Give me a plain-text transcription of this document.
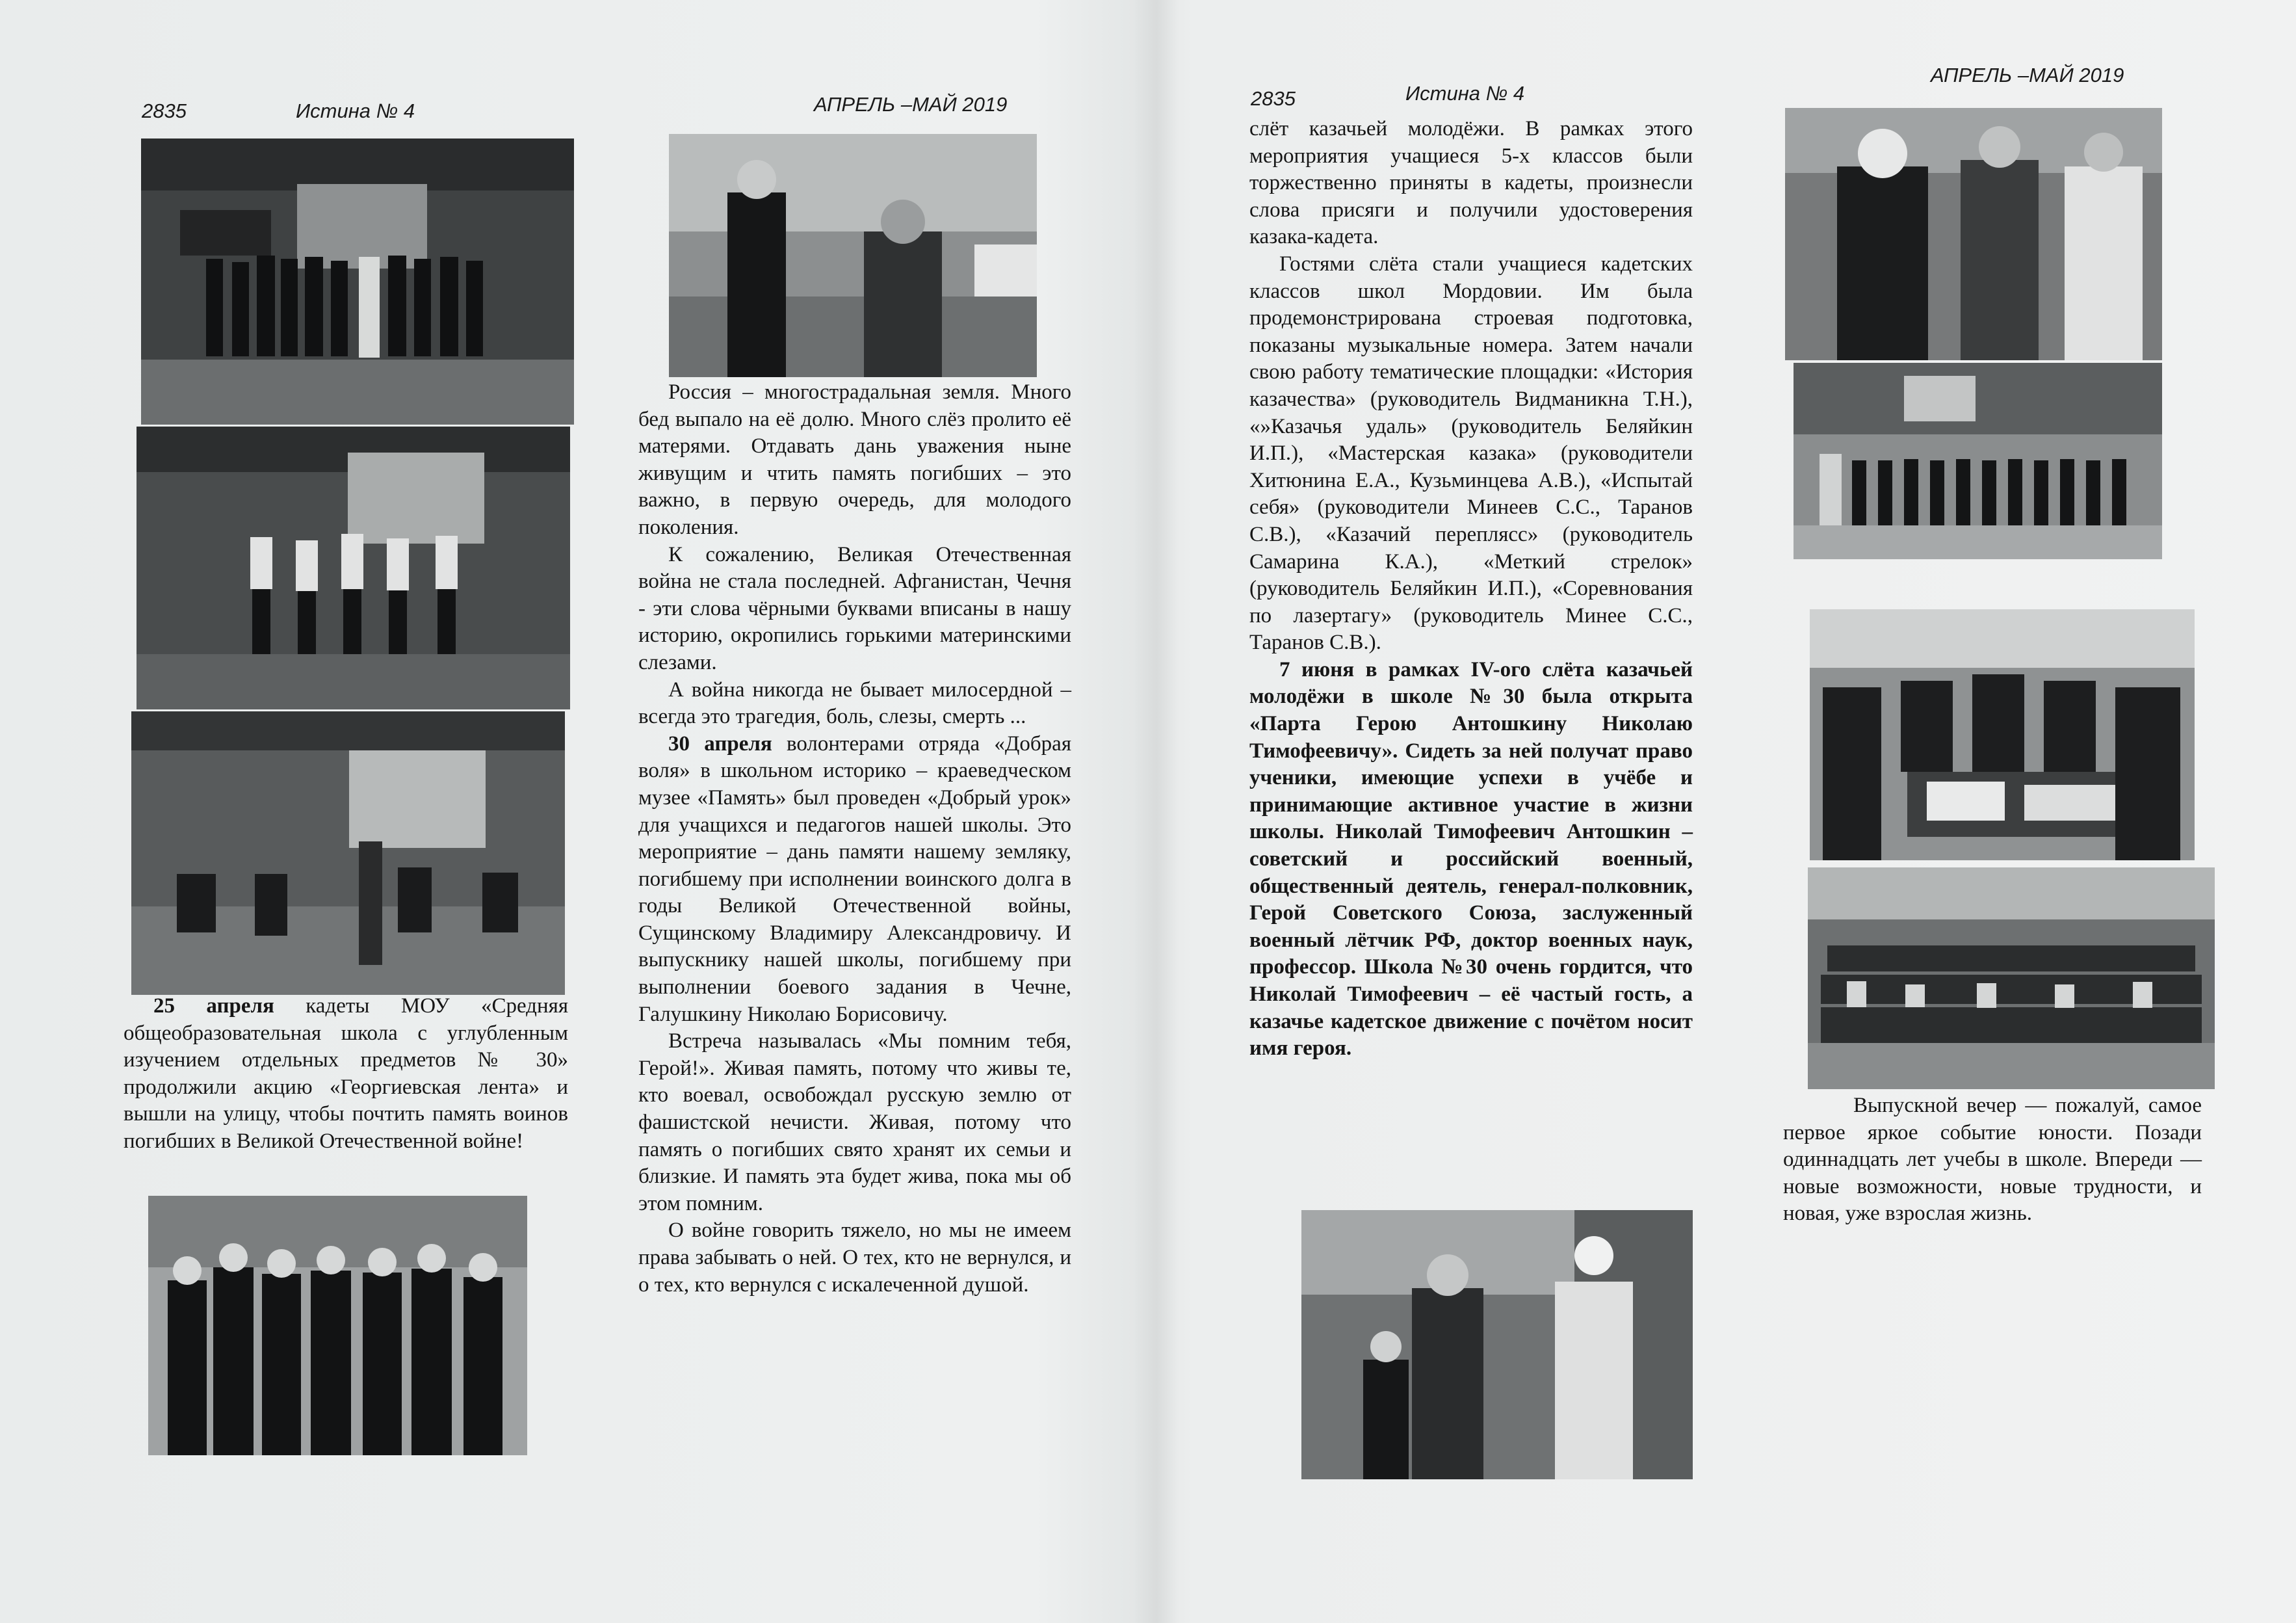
2835	Истина № 4	АПРЕЛЬ –МАЙ 2019	2835	Истина № 4
АПРЕЛЬ –МАЙ 2019

25 апреля кадеты МОУ «Средняя общеобразовательная школа с углубленным изучением отдельных предметов № 30» продолжили акцию «Георгиевская лента» и вышли на улицу, чтобы почтить память воинов погибших в Великой Отечественной войне!

Россия – многострадальная земля. Много бед выпало на её долю. Много слёз пролито её матерями. Отдавать дань уважения ныне живущим и чтить память погибших – это важно, в первую очередь, для молодого поколения.

К сожалению, Великая Отечественная война не стала последней. Афганистан, Чечня - эти слова чёрными буквами вписаны в нашу историю, окропились горькими материнскими слезами.

А война никогда не бывает милосердной – всегда это трагедия, боль, слезы, смерть ...

30 апреля волонтерами отряда «Добрая воля» в школьном историко – краеведческом музее «Память» был проведен «Добрый урок» для учащихся и педагогов нашей школы. Это мероприятие – дань памяти нашему земляку, погибшему при исполнении воинского долга в годы Великой Отечественной войны, Сущинскому Владимиру Александровичу. И выпускнику нашей школы, погибшему при выполнении боевого задания в Чечне, Галушкину Николаю Борисовичу.

Встреча называлась «Мы помним тебя, Герой!». Живая память, потому что живы те, кто воевал, освобождал русскую землю от фашистской нечисти. Живая, потому что память о погибших свято хранят их семьи и близкие. И память эта будет жива, пока мы об этом помним.

О войне говорить тяжело, но мы не имеем права забывать о ней. О тех, кто не вернулся, и о тех, кто вернулся с искалеченной душой.

слёт казачьей молодёжи. В рамках этого мероприятия учащиеся 5-х классов были торжественно приняты в кадеты, произнесли слова присяги и получили удостоверения казака-кадета.

Гостями слёта стали учащиеся кадетских классов школ Мордовии. Им была продемонстрирована строевая подготовка, показаны музыкальные номера. Затем начали свою работу тематические площадки: «История казачества» (руководитель Видманикна Т.Н.), «»Казачья удаль» (руководитель Беляйкин И.П.), «Мастерская казака» (руководители Хитюнина Е.А., Кузьминцева А.В.), «Испытай себя» (руководители Минеев С.С., Таранов С.В.), «Казачий переплясс» (руководитель Самарина К.А.), «Меткий стрелок» (руководитель Беляйкин И.П.), «Соревнования по лазертагу» (руководитель Минее С.С., Таранов С.В.).

7 июня в рамках IV-ого слёта казачьей молодёжи в школе №30 была открыта «Парта Герою Антошкину Николаю Тимофеевичу». Сидеть за ней получат право ученики, имеющие успехи в учёбе и принимающие активное участие в жизни школы. Николай Тимофеевич Антошкин – советский и российский военный, общественный деятель, генерал-полковник, Герой Советского Союза, заслуженный военный лётчик РФ, доктор военных наук, профессор. Школа №30 очень гордится, что Николай Тимофеевич – её частый гость, а казачье кадетское движение с почётом носит имя героя.

Выпускной вечер — пожалуй, самое первое яркое событие юности. Позади одиннадцать лет учебы в школе. Впереди — новые возможности, новые трудности, и новая, уже взрослая жизнь.
